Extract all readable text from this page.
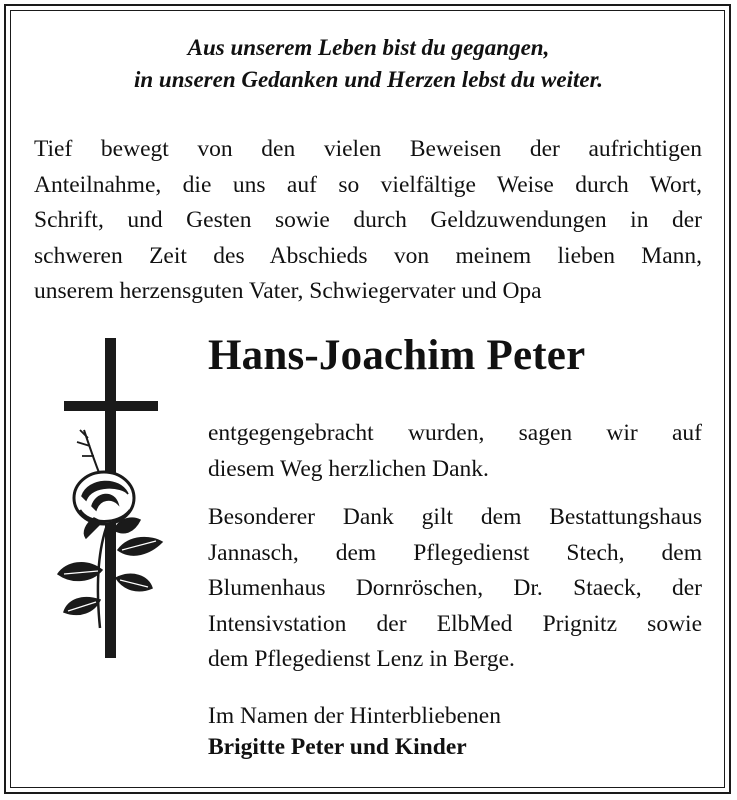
Aus unserem Leben bist du gegangen,
in unseren Gedanken und Herzen lebst du weiter.
Tief bewegt von den vielen Beweisen der aufrichtigen
Anteilnahme, die uns auf so vielfältige Weise durch Wort,
Schrift, und Gesten sowie durch Geldzuwendungen in der
schweren Zeit des Abschieds von meinem lieben Mann,
unserem herzensguten Vater, Schwiegervater und Opa
Hans-Joachim Peter
entgegengebracht wurden, sagen wir auf
diesem Weg herzlichen Dank.
Besonderer Dank gilt dem Bestattungshaus
Jannasch, dem Pflegedienst Stech, dem
Blumenhaus Dornröschen, Dr. Staeck, der
Intensivstation der ElbMed Prignitz sowie
dem Pflegedienst Lenz in Berge.
Im Namen der Hinterbliebenen
Brigitte Peter und Kinder
